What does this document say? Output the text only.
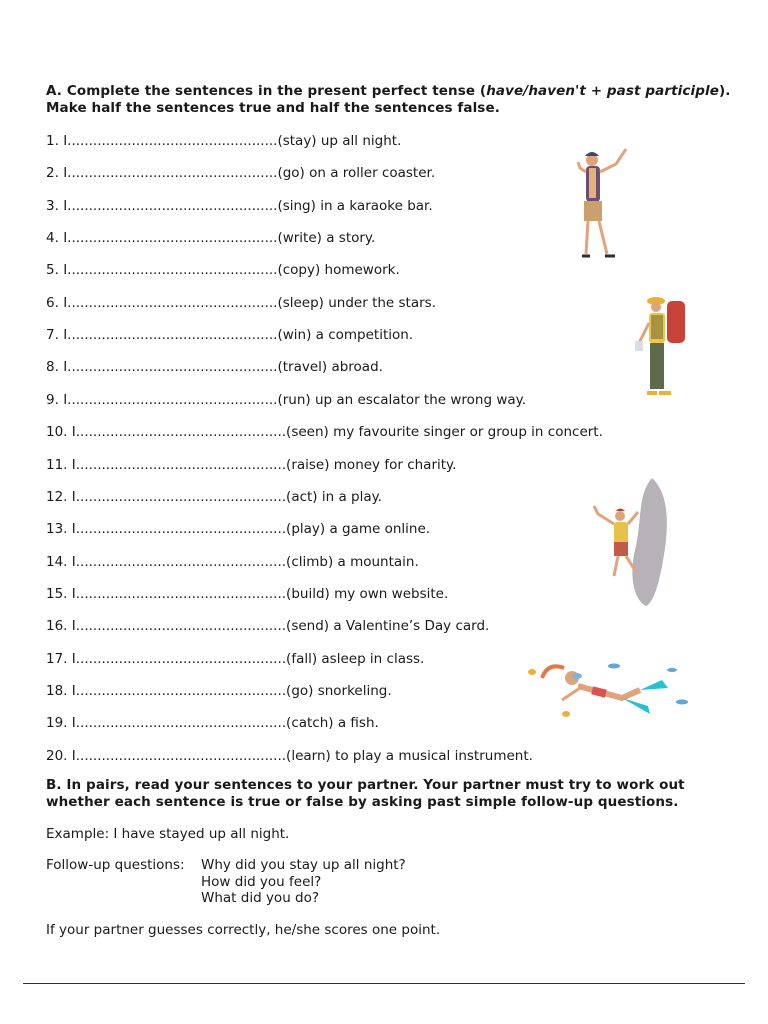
A. Complete the sentences in the present perfect tense (have/haven't + past participle). Make half the sentences true and half the sentences false.
1. I.................................................(stay) up all night.
2. I.................................................(go) on a roller coaster.
3. I.................................................(sing) in a karaoke bar.
4. I.................................................(write) a story.
5. I.................................................(copy) homework.
6. I.................................................(sleep) under the stars.
7. I.................................................(win) a competition.
8. I.................................................(travel) abroad.
9. I.................................................(run) up an escalator the wrong way.
10. I.................................................(seen) my favourite singer or group in concert.
11. I.................................................(raise) money for charity.
12. I.................................................(act) in a play.
13. I.................................................(play) a game online.
14. I.................................................(climb) a mountain.
15. I.................................................(build) my own website.
16. I.................................................(send) a Valentine’s Day card.
17. I.................................................(fall) asleep in class.
18. I.................................................(go) snorkeling.
19. I.................................................(catch) a fish.
20. I.................................................(learn) to play a musical instrument.
B. In pairs, read your sentences to your partner. Your partner must try to work out whether each sentence is true or false by asking past simple follow-up questions.
Example: I have stayed up all night.
Follow-up questions: Why did you stay up all night?
How did you feel?
What did you do?
If your partner guesses correctly, he/she scores one point.
